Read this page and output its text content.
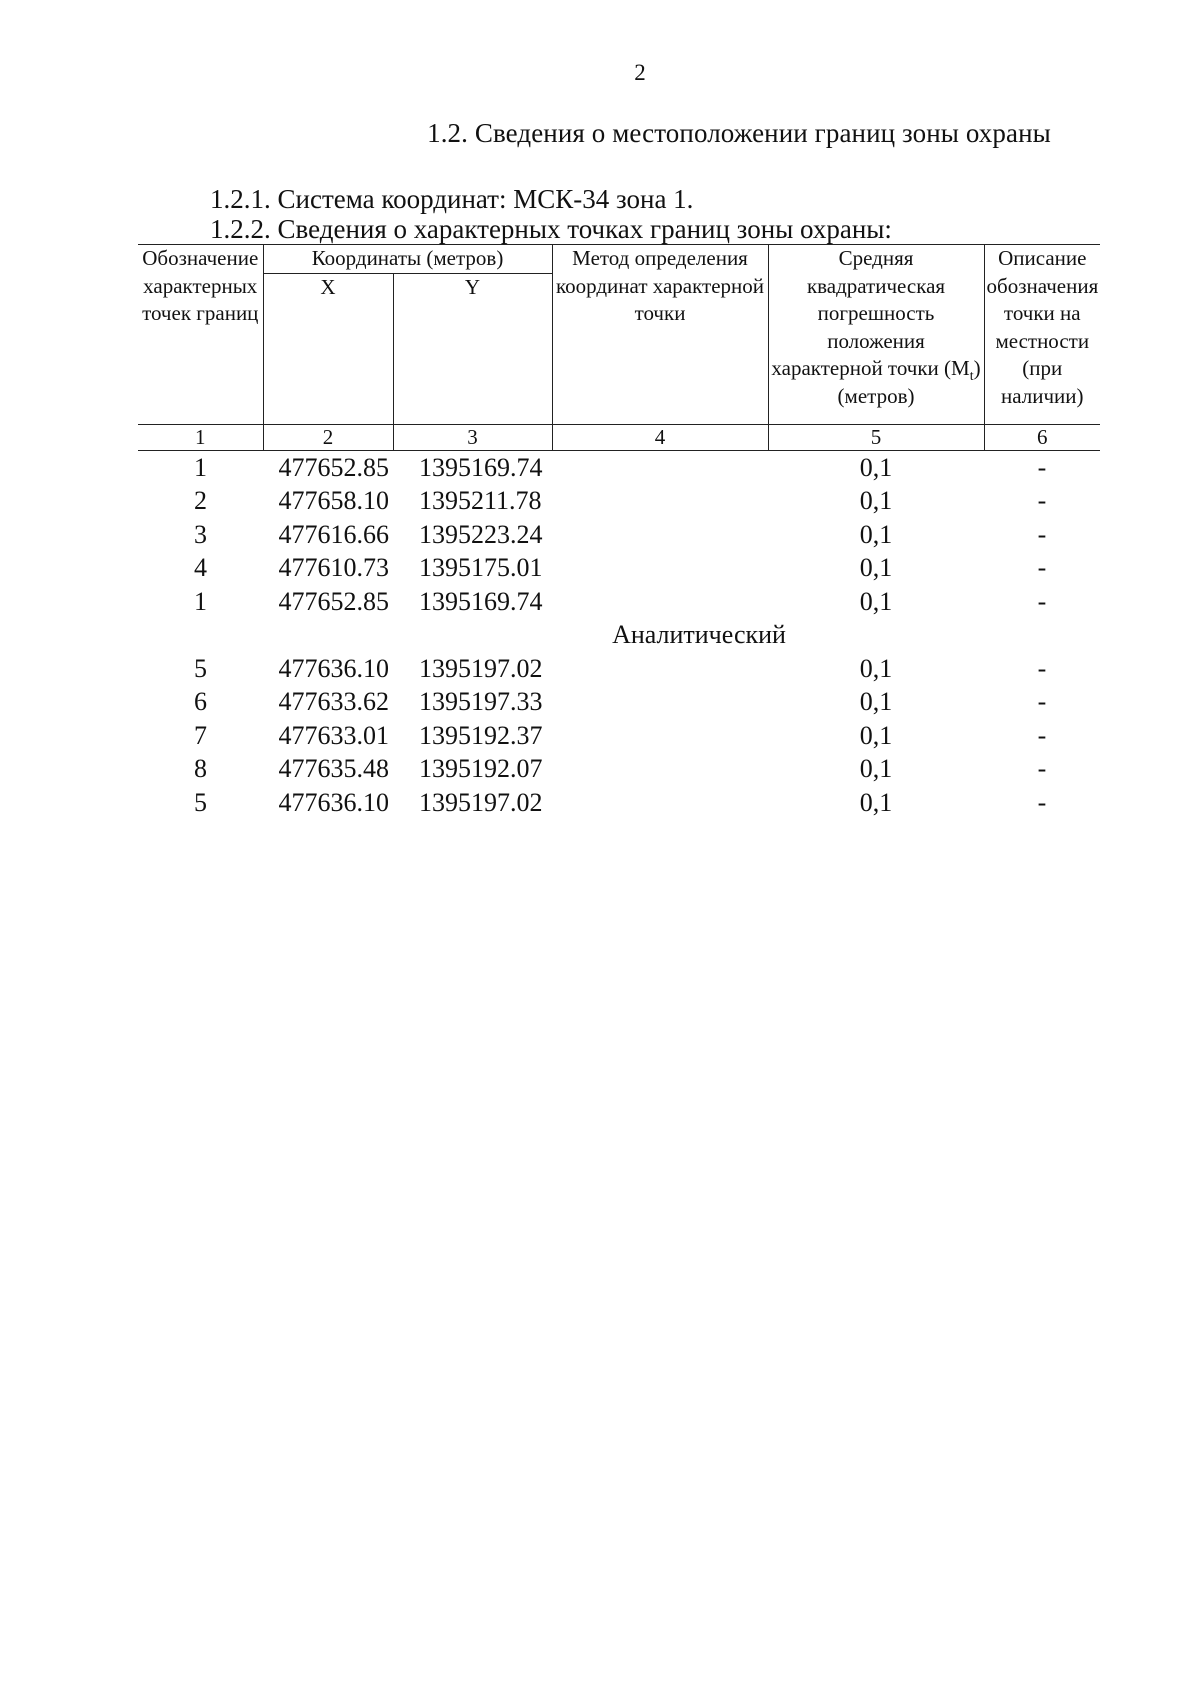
2
1.2. Сведения о местоположении границ зоны охраны
1.2.1. Система координат: МСК-34 зона 1.
1.2.2. Сведения о характерных точках границ зоны охраны:
Обозначение характерных точек границ	Координаты (метров)		Метод определения координат характерной точки	Средняя квадратическая погрешность положения характерной точки $(M_t)$ (метров)	Описание обозначения точки на местности (при наличии)
	X	Y			
1	2	3	4	5	6
1	477652.85	1395169.74		0,1	-
2	477658.10	1395211.78		0,1	-
3	477616.66	1395223.24		0,1	-
4	477610.73	1395175.01		0,1	-
1	477652.85	1395169.74		0,1	-
Аналитический					
5	477636.10	1395197.02		0,1	-
6	477633.62	1395197.33		0,1	-
7	477633.01	1395192.37		0,1	-
8	477635.48	1395192.07		0,1	-
5	477636.10	1395197.02		0,1	-
